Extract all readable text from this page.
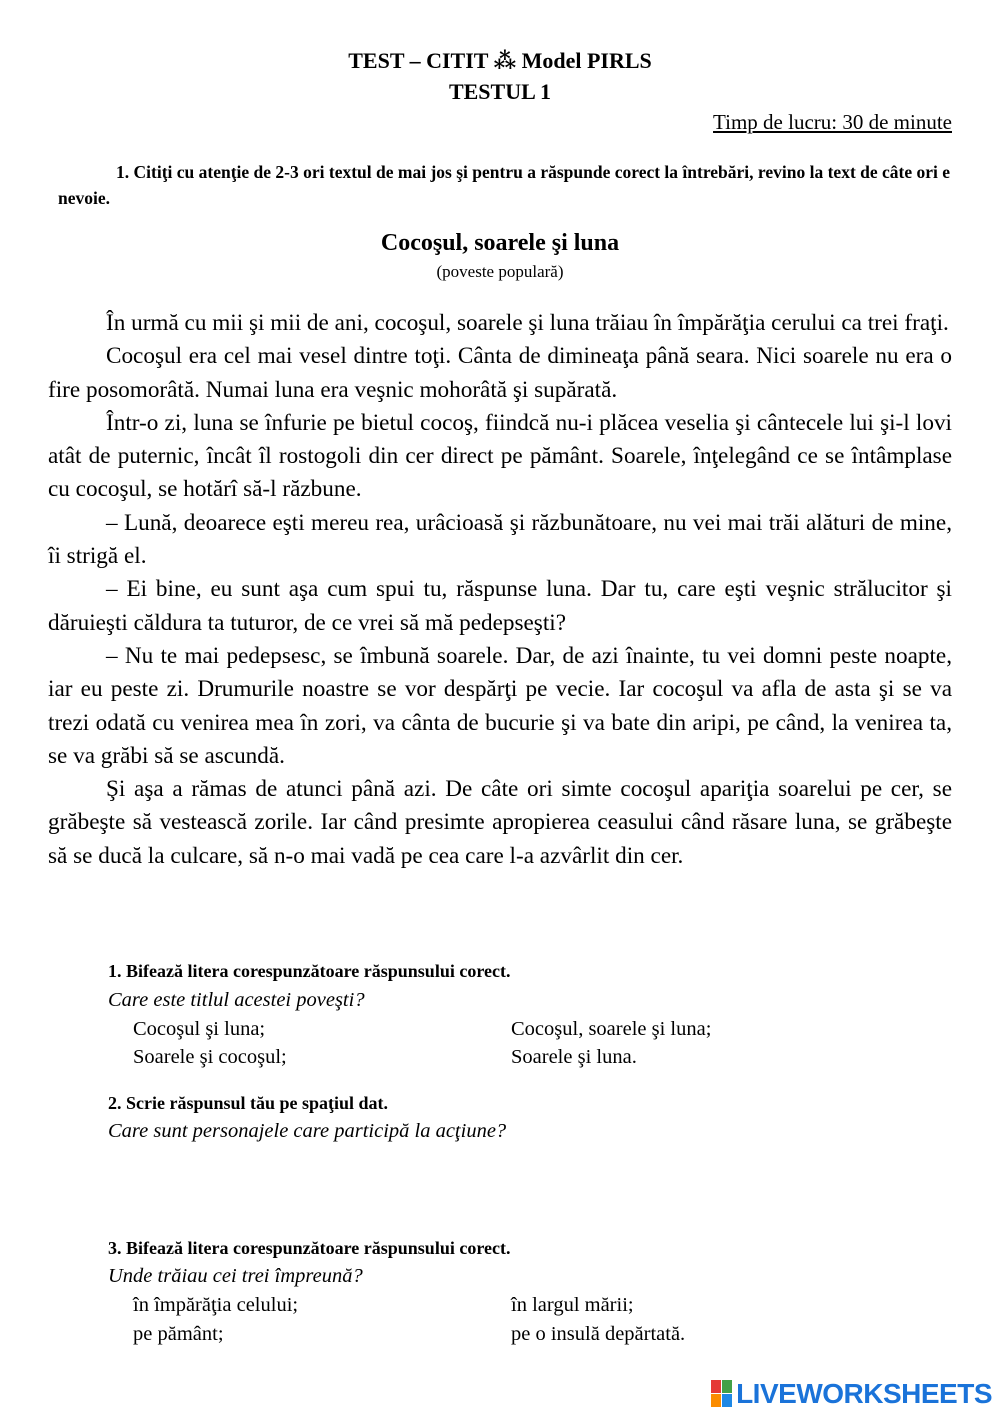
TEST – CITIT ⁂ Model PIRLS
TESTUL 1
Timp de lucru: 30 de minute
1. Citiţi cu atenţie de 2-3 ori textul de mai jos şi pentru a răspunde corect la întrebări, revino la text de câte ori e nevoie.
Cocoşul, soarele şi luna
(poveste populară)

În urmă cu mii şi mii de ani, cocoşul, soarele şi luna trăiau în împărăţia cerului ca trei fraţi.

Cocoşul era cel mai vesel dintre toţi. Cânta de dimineaţa până seara. Nici soarele nu era o fire posomorâtă. Numai luna era veşnic mohorâtă şi supărată.

Într-o zi, luna se înfurie pe bietul cocoş, fiindcă nu-i plăcea veselia şi cântecele lui şi-l lovi atât de puternic, încât îl rostogoli din cer direct pe pământ. Soarele, înţelegând ce se întâmplase cu cocoşul, se hotărî să-l răzbune.

– Lună, deoarece eşti mereu rea, urâcioasă şi răzbunătoare, nu vei mai trăi alături de mine, îi strigă el.

– Ei bine, eu sunt aşa cum spui tu, răspunse luna. Dar tu, care eşti veşnic strălucitor şi dăruieşti căldura ta tuturor, de ce vrei să mă pedepseşti?

– Nu te mai pedepsesc, se îmbună soarele. Dar, de azi înainte, tu vei domni peste noapte, iar eu peste zi. Drumurile noastre se vor despărţi pe vecie. Iar cocoşul va afla de asta şi se va trezi odată cu venirea mea în zori, va cânta de bucurie şi va bate din aripi, pe când, la venirea ta, se va grăbi să se ascundă.

Şi aşa a rămas de atunci până azi. De câte ori simte cocoşul apariţia soarelui pe cer, se grăbeşte să vestească zorile. Iar când presimte apropierea ceasului când răsare luna, se grăbeşte să se ducă la culcare, să n-o mai vadă pe cea care l-a azvârlit din cer.

1. Bifează litera corespunzătoare răspunsului corect.
Care este titlul acestei poveşti?
Cocoşul şi luna;	Cocoşul, soarele şi luna;
Soarele şi cocoşul;	Soarele şi luna.
2. Scrie răspunsul tău pe spaţiul dat.
Care sunt personajele care participă la acţiune?
3. Bifează litera corespunzătoare răspunsului corect.
Unde trăiau cei trei împreună?
în împărăţia celului;	în largul mării;
pe pământ;	pe o insulă depărtată.
LIVEWORKSHEETS
